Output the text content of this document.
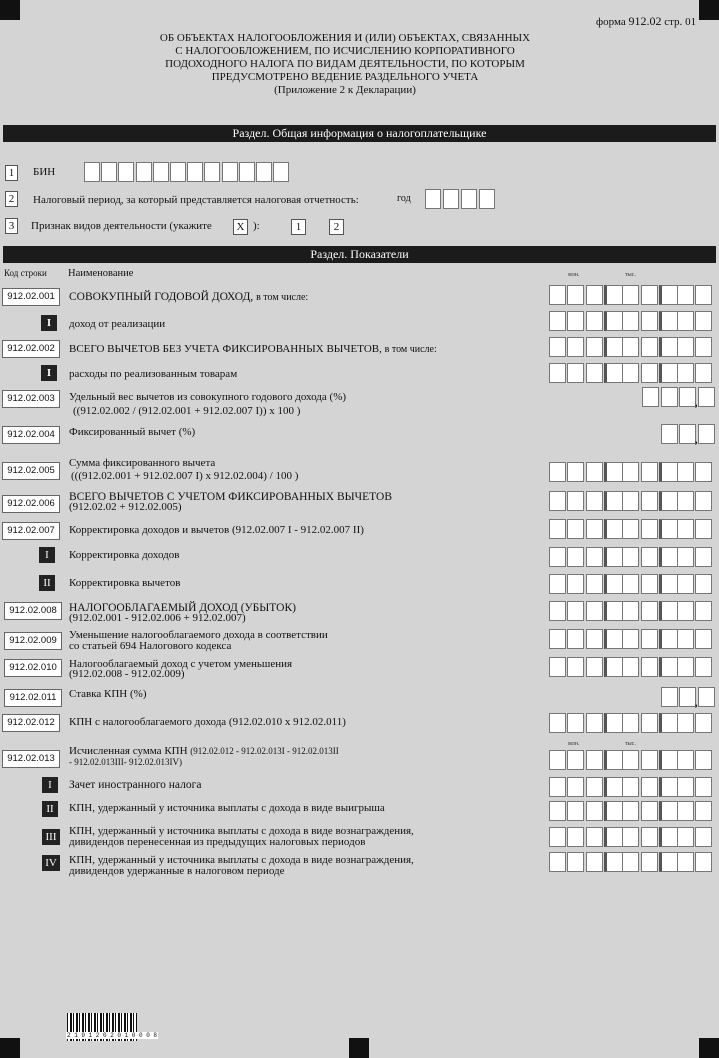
форма 912.02 стр. 01
ОБ ОБЪЕКТАХ НАЛОГООБЛОЖЕНИЯ И (ИЛИ) ОБЪЕКТАХ, СВЯЗАННЫХ
С НАЛОГООБЛОЖЕНИЕМ, ПО ИСЧИСЛЕНИЮ КОРПОРАТИВНОГО
ПОДОХОДНОГО НАЛОГА ПО ВИДАМ ДЕЯТЕЛЬНОСТИ, ПО КОТОРЫМ
ПРЕДУСМОТРЕНО ВЕДЕНИЕ РАЗДЕЛЬНОГО УЧЕТА
(Приложение 2 к Декларации)
Раздел. Общая информация о налогоплательщике
1	БИН
2	Налоговый период, за который представляется налоговая отчетность:	год
3	Признак видов деятельности (укажите	X ):	1	2
Раздел. Показатели
Код строки Наименование	млн.	тыс.
912.02.001	СОВОКУПНЫЙ ГОДОВОЙ ДОХОД, в том числе:
I	доход от реализации
912.02.002	ВСЕГО ВЫЧЕТОВ БЕЗ УЧЕТА ФИКСИРОВАННЫХ ВЫЧЕТОВ, в том числе:
I	расходы по реализованным товарам
912.02.003	Удельный вес вычетов из совокупного годового дохода (%)
((912.02.002 / (912.02.001 + 912.02.007 I)) x 100 )
912.02.004	Фиксированный вычет (%)
912.02.005
Сумма фиксированного вычета
(((912.02.001 + 912.02.007 I) x 912.02.004) / 100 )
912.02.006
ВСЕГО ВЫЧЕТОВ С УЧЕТОМ ФИКСИРОВАННЫХ ВЫЧЕТОВ
(912.02.02 + 912.02.005)
912.02.007	Корректировка доходов и вычетов (912.02.007 I - 912.02.007 II)
I	Корректировка доходов
II	Корректировка вычетов
912.02.008	НАЛОГООБЛАГАЕМЫЙ ДОХОД (УБЫТОК)
(912.02.001 - 912.02.006 + 912.02.007)
912.02.009	Уменьшение налогооблагаемого дохода в соответствии
со статьей 694 Налогового кодекса
912.02.010	Налогооблагаемый доход с учетом уменьшения
(912.02.008 - 912.02.009)
912.02.011	Ставка КПН (%)
912.02.012	КПН с налогооблагаемого дохода (912.02.010 x 912.02.011)
912.02.013
Исчисленная сумма КПН (912.02.012 - 912.02.013I - 912.02.013II
- 912.02.013III- 912.02.013IV)
млн.	тыс.
I	Зачет иностранного налога
II	КПН, удержанный у источника выплаты с дохода в виде выигрыша
III	КПН, удержанный у источника выплаты с дохода в виде вознаграждения,
дивидендов перенесенная из предыдущих налоговых периодов
IV КПН, удержанный у источника выплаты с дохода в виде вознаграждения,
дивидендов удержанные в налоговом периоде
,
,
,
2 1 9 1 2 0 2 0 1 0 0 0 8
